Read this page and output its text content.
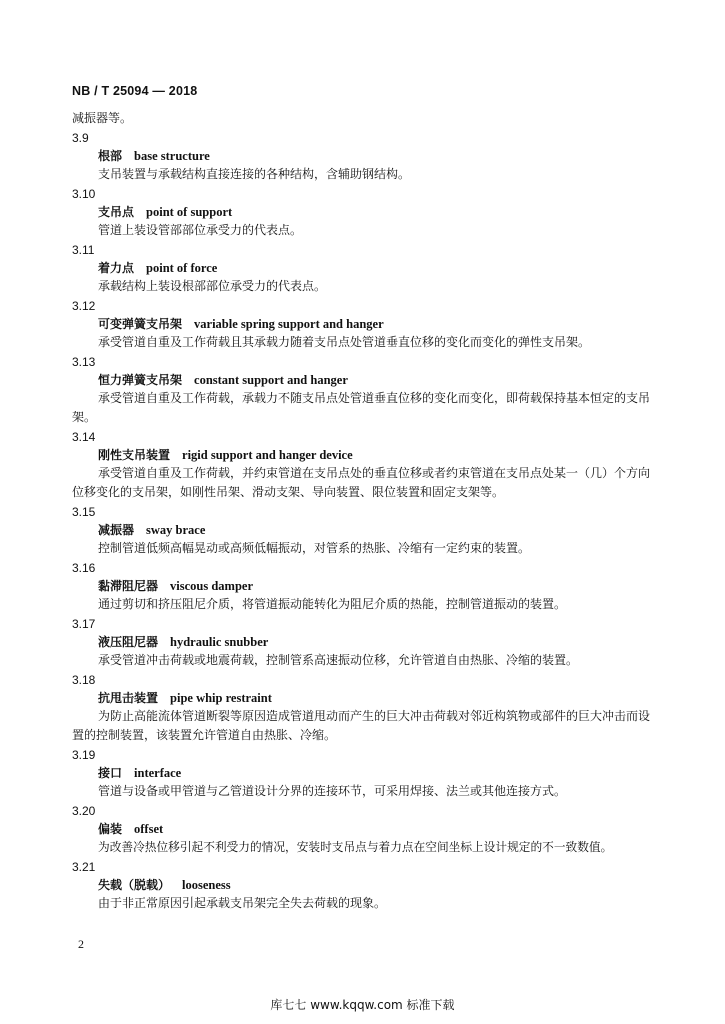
NB / T 25094 — 2018
减振器等。
3.9
根部 base structure
支吊装置与承载结构直接连接的各种结构，含辅助钢结构。
3.10
支吊点 point of support
管道上装设管部部位承受力的代表点。
3.11
着力点 point of force
承载结构上装设根部部位承受力的代表点。
3.12
可变弹簧支吊架 variable spring support and hanger
承受管道自重及工作荷载且其承载力随着支吊点处管道垂直位移的变化而变化的弹性支吊架。
3.13
恒力弹簧支吊架 constant support and hanger
承受管道自重及工作荷载，承载力不随支吊点处管道垂直位移的变化而变化，即荷载保持基本恒定的支吊架。
3.14
刚性支吊装置 rigid support and hanger device
承受管道自重及工作荷载，并约束管道在支吊点处的垂直位移或者约束管道在支吊点处某一（几）个方向位移变化的支吊架，如刚性吊架、滑动支架、导向装置、限位装置和固定支架等。
3.15
减振器 sway brace
控制管道低频高幅晃动或高频低幅振动，对管系的热胀、冷缩有一定约束的装置。
3.16
黏滞阻尼器 viscous damper
通过剪切和挤压阻尼介质，将管道振动能转化为阻尼介质的热能，控制管道振动的装置。
3.17
液压阻尼器 hydraulic snubber
承受管道冲击荷载或地震荷载，控制管系高速振动位移，允许管道自由热胀、冷缩的装置。
3.18
抗甩击装置 pipe whip restraint
为防止高能流体管道断裂等原因造成管道甩动而产生的巨大冲击荷载对邻近构筑物或部件的巨大冲击而设置的控制装置，该装置允许管道自由热胀、冷缩。
3.19
接口 interface
管道与设备或甲管道与乙管道设计分界的连接环节，可采用焊接、法兰或其他连接方式。
3.20
偏装 offset
为改善冷热位移引起不利受力的情况，安装时支吊点与着力点在空间坐标上设计规定的不一致数值。
3.21
失载（脱载） looseness
由于非正常原因引起承载支吊架完全失去荷载的现象。
2
库七七 www.kqqw.com 标准下载
